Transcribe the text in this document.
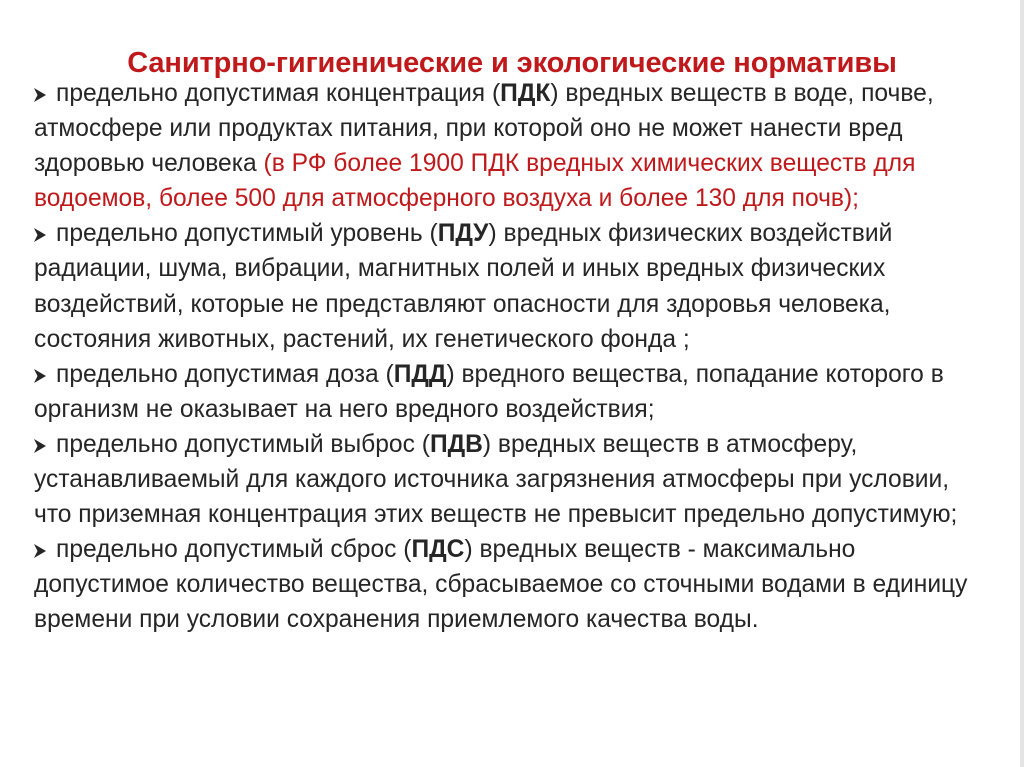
Санитрно-гигиенические и экологические нормативы

предельно допустимая концентрация (ПДК) вредных веществ в воде, почве, атмосфере или продуктах питания, при которой оно не может нанести вред здоровью человека (в РФ более 1900 ПДК вредных химических веществ для водоемов, более 500 для атмосферного воздуха и более 130 для почв);

предельно допустимый уровень (ПДУ) вредных физических воздействий радиации, шума, вибрации, магнитных полей и иных вредных физических воздействий, которые не представляют опасности для здоровья человека, состояния животных, растений, их генетического фонда ;

предельно допустимая доза (ПДД) вредного вещества, попадание которого в организм не оказывает на него вредного воздействия;

предельно допустимый выброс (ПДВ) вредных веществ в атмосферу, устанавливаемый для каждого источника загрязнения атмосферы при условии, что приземная концентрация этих веществ не превысит предельно допустимую;

предельно допустимый сброс (ПДС) вредных веществ - максимально допустимое количество вещества, сбрасываемое со сточными водами в единицу времени при условии сохранения приемлемого качества воды.
